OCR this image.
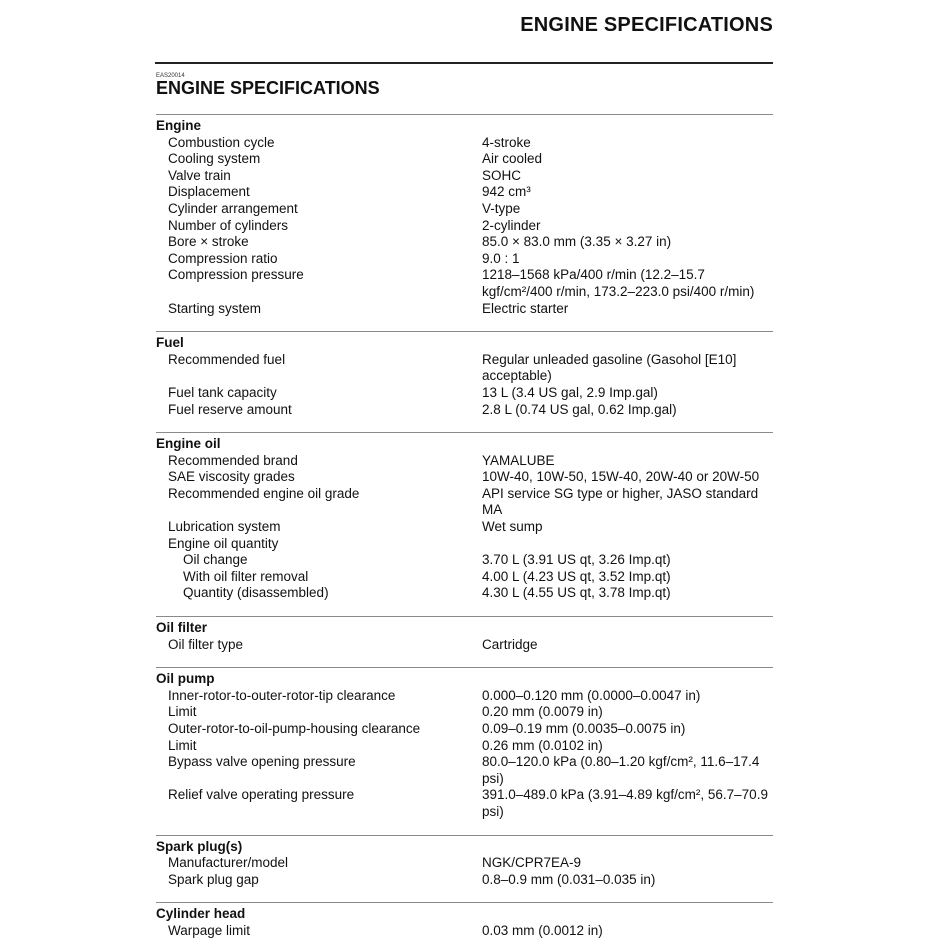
ENGINE SPECIFICATIONS
EAS20014
ENGINE SPECIFICATIONS
Engine
Combustion cycle	4-stroke
Cooling system	Air cooled
Valve train	SOHC
Displacement	942 cm³
Cylinder arrangement	V-type
Number of cylinders	2-cylinder
Bore × stroke	85.0 × 83.0 mm (3.35 × 3.27 in)
Compression ratio	9.0 : 1
Compression pressure	1218–1568 kPa/400 r/min (12.2–15.7
kgf/cm²/400 r/min, 173.2–223.0 psi/400 r/min)
Starting system	Electric starter
Fuel
Recommended fuel	Regular unleaded gasoline (Gasohol [E10]
acceptable)
Fuel tank capacity	13 L (3.4 US gal, 2.9 Imp.gal)
Fuel reserve amount	2.8 L (0.74 US gal, 0.62 Imp.gal)
Engine oil
Recommended brand	YAMALUBE
SAE viscosity grades	10W-40, 10W-50, 15W-40, 20W-40 or 20W-50
Recommended engine oil grade	API service SG type or higher, JASO standard
MA
Lubrication system	Wet sump
Engine oil quantity
Oil change	3.70 L (3.91 US qt, 3.26 Imp.qt)
With oil filter removal	4.00 L (4.23 US qt, 3.52 Imp.qt)
Quantity (disassembled)	4.30 L (4.55 US qt, 3.78 Imp.qt)
Oil filter
Oil filter type	Cartridge
Oil pump
Inner-rotor-to-outer-rotor-tip clearance	0.000–0.120 mm (0.0000–0.0047 in)
Limit	0.20 mm (0.0079 in)
Outer-rotor-to-oil-pump-housing clearance	0.09–0.19 mm (0.0035–0.0075 in)
Limit	0.26 mm (0.0102 in)
Bypass valve opening pressure	80.0–120.0 kPa (0.80–1.20 kgf/cm², 11.6–17.4
psi)
Relief valve operating pressure	391.0–489.0 kPa (3.91–4.89 kgf/cm², 56.7–70.9
psi)
Spark plug(s)
Manufacturer/model	NGK/CPR7EA-9
Spark plug gap	0.8–0.9 mm (0.031–0.035 in)
Cylinder head
Warpage limit	0.03 mm (0.0012 in)
